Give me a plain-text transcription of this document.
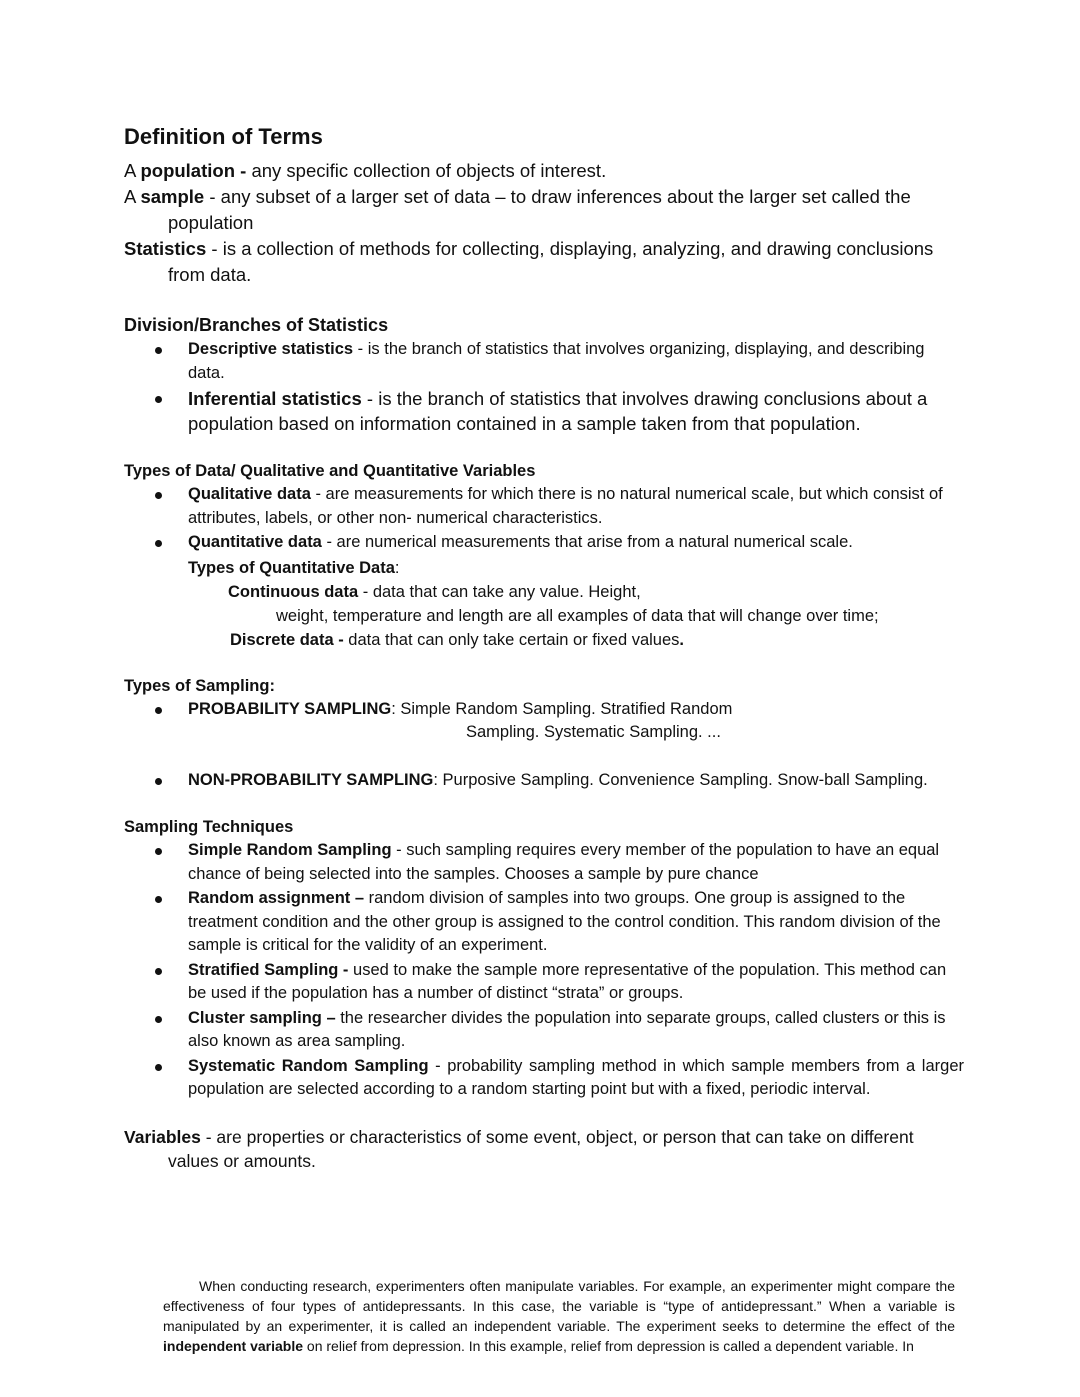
Definition of Terms

A population - any specific collection of objects of interest.

A sample - any subset of a larger set of data – to draw inferences about the larger set called the population

Statistics - is a collection of methods for collecting, displaying, analyzing, and drawing conclusions from data.

Division/Branches of Statistics

Descriptive statistics - is the branch of statistics that involves organizing, displaying, and describing data.
Inferential statistics - is the branch of statistics that involves drawing conclusions about a population based on information contained in a sample taken from that population.

Types of Data/ Qualitative and Quantitative Variables

Qualitative data - are measurements for which there is no natural numerical scale, but which consist of attributes, labels, or other non- numerical characteristics.
Quantitative data - are numerical measurements that arise from a natural numerical scale.
Types of Quantitative Data:
Continuous data - data that can take any value. Height,
weight, temperature and length are all examples of data that will change over time;
Discrete data - data that can only take certain or fixed values.

Types of Sampling:

PROBABILITY SAMPLING: Simple Random Sampling. Stratified Random
Sampling. Systematic Sampling. ...
NON-PROBABILITY SAMPLING: Purposive Sampling. Convenience Sampling. Snow-ball Sampling.

Sampling Techniques

Simple Random Sampling - such sampling requires every member of the population to have an equal chance of being selected into the samples. Chooses a sample by pure chance
Random assignment – random division of samples into two groups. One group is assigned to the treatment condition and the other group is assigned to the control condition. This random division of the sample is critical for the validity of an experiment.
Stratified Sampling - used to make the sample more representative of the population. This method can be used if the population has a number of distinct “strata” or groups.
Cluster sampling – the researcher divides the population into separate groups, called clusters or this is also known as area sampling.
Systematic Random Sampling - probability sampling method in which sample members from a larger population are selected according to a random starting point but with a fixed, periodic interval.

Variables - are properties or characteristics of some event, object, or person that can take on different values or amounts.

When conducting research, experimenters often manipulate variables. For example, an experimenter might compare the effectiveness of four types of antidepressants. In this case, the variable is “type of antidepressant.” When a variable is manipulated by an experimenter, it is called an independent variable. The experiment seeks to determine the effect of the independent variable on relief from depression. In this example, relief from depression is called a dependent variable. In
